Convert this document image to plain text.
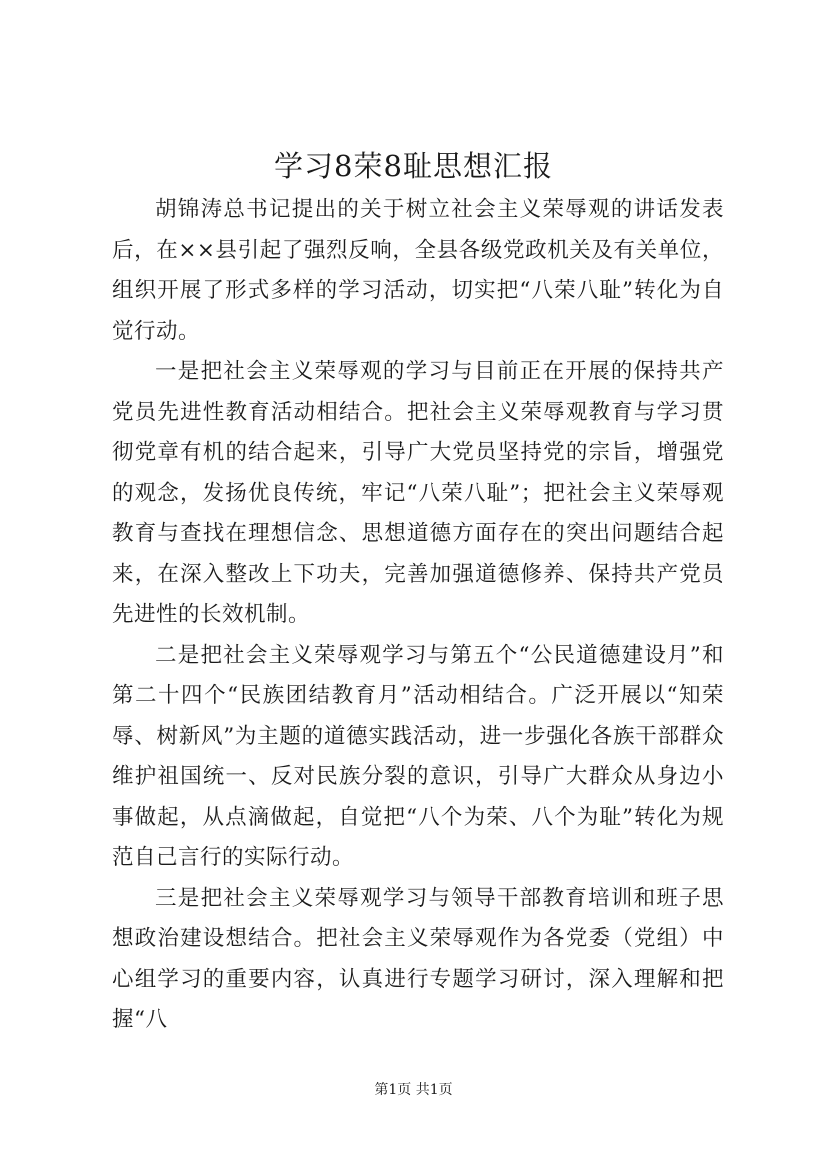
学习8荣8耻思想汇报

胡锦涛总书记提出的关于树立社会主义荣辱观的讲话发表后，在××县引起了强烈反响，全县各级党政机关及有关单位，组织开展了形式多样的学习活动，切实把“八荣八耻”转化为自觉行动。

一是把社会主义荣辱观的学习与目前正在开展的保持共产党员先进性教育活动相结合。把社会主义荣辱观教育与学习贯彻党章有机的结合起来，引导广大党员坚持党的宗旨，增强党的观念，发扬优良传统，牢记“八荣八耻”；把社会主义荣辱观教育与查找在理想信念、思想道德方面存在的突出问题结合起来，在深入整改上下功夫，完善加强道德修养、保持共产党员先进性的长效机制。

二是把社会主义荣辱观学习与第五个“公民道德建设月”和第二十四个“民族团结教育月”活动相结合。广泛开展以“知荣辱、树新风”为主题的道德实践活动，进一步强化各族干部群众维护祖国统一、反对民族分裂的意识，引导广大群众从身边小事做起，从点滴做起，自觉把“八个为荣、八个为耻”转化为规范自己言行的实际行动。

三是把社会主义荣辱观学习与领导干部教育培训和班子思想政治建设想结合。把社会主义荣辱观作为各党委（党组）中心组学习的重要内容，认真进行专题学习研讨，深入理解和把握“八

第1页 共1页
